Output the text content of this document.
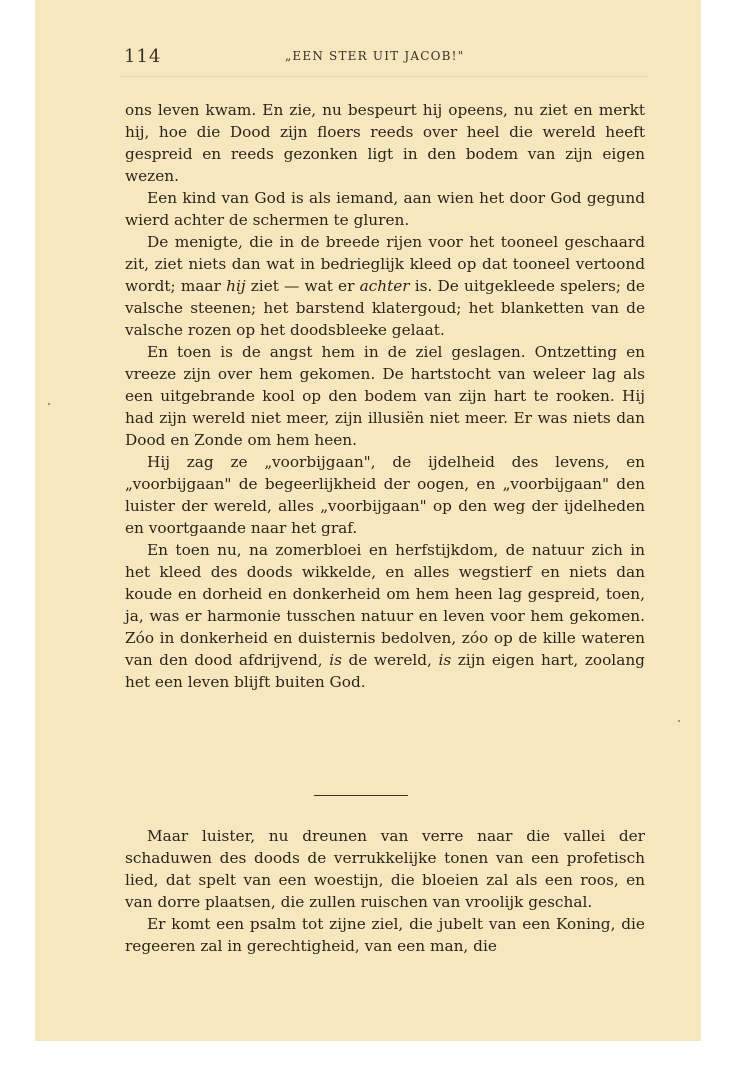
114	„EEN STER UIT JACOB!"

ons leven kwam. En zie, nu bespeurt hij opeens, nu ziet en merkt hij, hoe die Dood zijn floers reeds over heel die wereld heeft gespreid en reeds gezonken ligt in den bodem van zijn eigen wezen.

Een kind van God is als iemand, aan wien het door God gegund wierd achter de schermen te gluren.

De menigte, die in de breede rijen voor het tooneel geschaard zit, ziet niets dan wat in bedrieglijk kleed op dat tooneel vertoond wordt; maar hij ziet — wat er achter is. De uitgekleede spelers; de valsche steenen; het barstend klatergoud; het blanketten van de valsche rozen op het doodsbleeke gelaat.

En toen is de angst hem in de ziel geslagen. Ontzetting en vreeze zijn over hem gekomen. De hartstocht van weleer lag als een uitgebrande kool op den bodem van zijn hart te rooken. Hij had zijn wereld niet meer, zijn illusiën niet meer. Er was niets dan Dood en Zonde om hem heen.

Hij zag ze „voorbijgaan", de ijdelheid des levens, en „voorbijgaan" de begeerlijkheid der oogen, en „voorbijgaan" den luister der wereld, alles „voorbijgaan" op den weg der ijdelheden en voortgaande naar het graf.

En toen nu, na zomerbloei en herfstijkdom, de natuur zich in het kleed des doods wikkelde, en alles wegstierf en niets dan koude en dorheid en donkerheid om hem heen lag gespreid, toen, ja, was er harmonie tusschen natuur en leven voor hem gekomen. Zóo in donkerheid en duisternis bedolven, zóo op de kille wateren van den dood afdrijvend, is de wereld, is zijn eigen hart, zoolang het een leven blijft buiten God.

Maar luister, nu dreunen van verre naar die vallei der schaduwen des doods de verrukkelijke tonen van een profetisch lied, dat spelt van een woestijn, die bloeien zal als een roos, en van dorre plaatsen, die zullen ruischen van vroolijk geschal.

Er komt een psalm tot zijne ziel, die jubelt van een Koning, die regeeren zal in gerechtigheid, van een man, die
